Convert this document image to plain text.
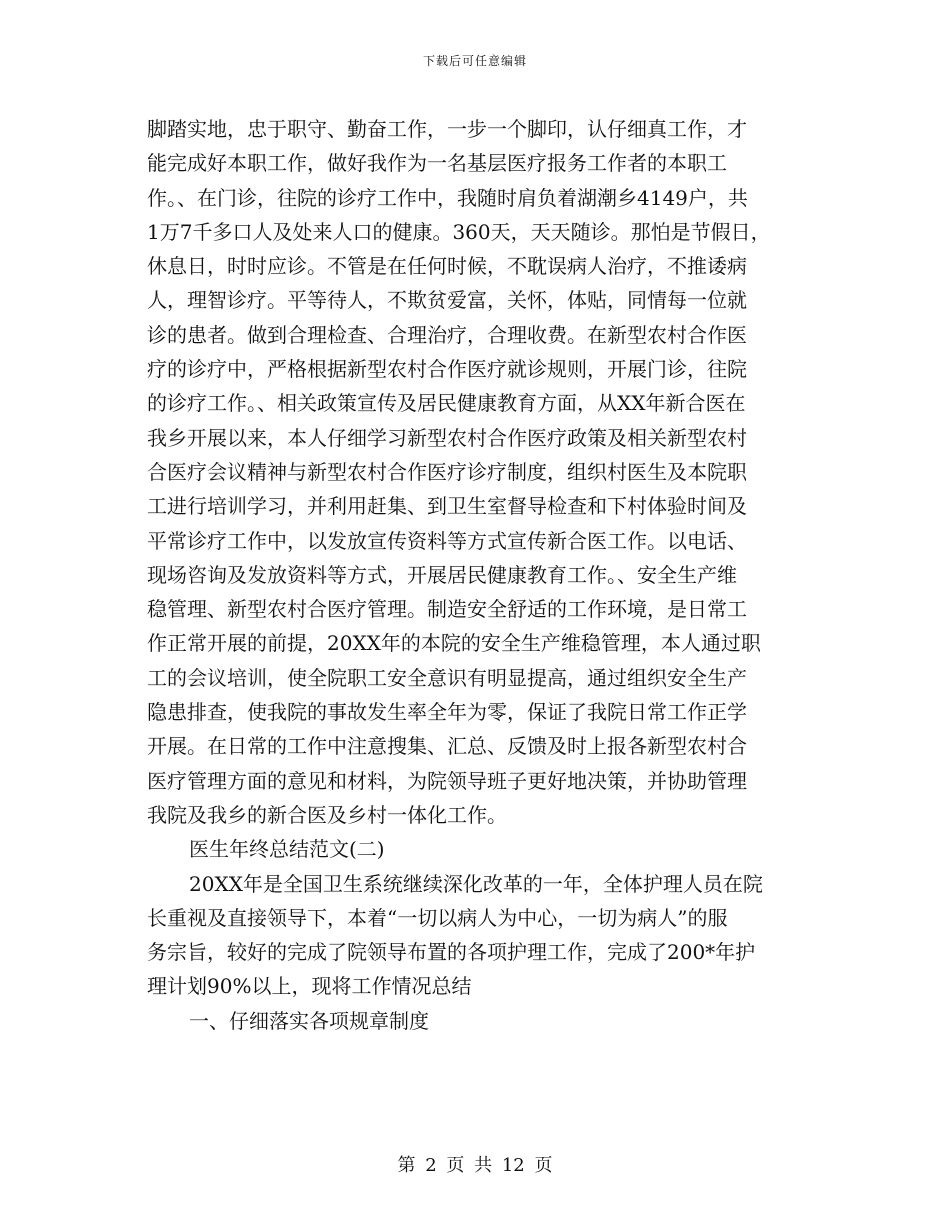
下载后可任意编辑
脚踏实地，忠于职守、勤奋工作，一步一个脚印，认仔细真工作，才
能完成好本职工作，做好我作为一名基层医疗报务工作者的本职工
作。、在门诊，往院的诊疗工作中，我随时肩负着湖潮乡4149户，共
1万7千多口人及处来人口的健康。360天，天天随诊。那怕是节假日，
休息日，时时应诊。不管是在任何时候，不耽误病人治疗，不推诿病
人，理智诊疗。平等待人，不欺贫爱富，关怀，体贴，同情每一位就
诊的患者。做到合理检查、合理治疗，合理收费。在新型农村合作医
疗的诊疗中，严格根据新型农村合作医疗就诊规则，开展门诊，往院
的诊疗工作。、相关政策宣传及居民健康教育方面，从XX年新合医在
我乡开展以来，本人仔细学习新型农村合作医疗政策及相关新型农村
合医疗会议精神与新型农村合作医疗诊疗制度，组织村医生及本院职
工进行培训学习，并利用赶集、到卫生室督导检查和下村体验时间及
平常诊疗工作中，以发放宣传资料等方式宣传新合医工作。以电话、
现场咨询及发放资料等方式，开展居民健康教育工作。、安全生产维
稳管理、新型农村合医疗管理。制造安全舒适的工作环境，是日常工
作正常开展的前提，20XX年的本院的安全生产维稳管理，本人通过职
工的会议培训，使全院职工安全意识有明显提高，通过组织安全生产
隐患排查，使我院的事故发生率全年为零，保证了我院日常工作正学
开展。在日常的工作中注意搜集、汇总、反馈及时上报各新型农村合
医疗管理方面的意见和材料，为院领导班子更好地决策，并协助管理
我院及我乡的新合医及乡村一体化工作。
医生年终总结范文(二)
20XX年是全国卫生系统继续深化改革的一年，全体护理人员在院
长重视及直接领导下，本着“一切以病人为中心，一切为病人”的服
务宗旨，较好的完成了院领导布置的各项护理工作，完成了200*年护
理计划90%以上，现将工作情况总结
一、仔细落实各项规章制度
第 2 页 共 12 页
